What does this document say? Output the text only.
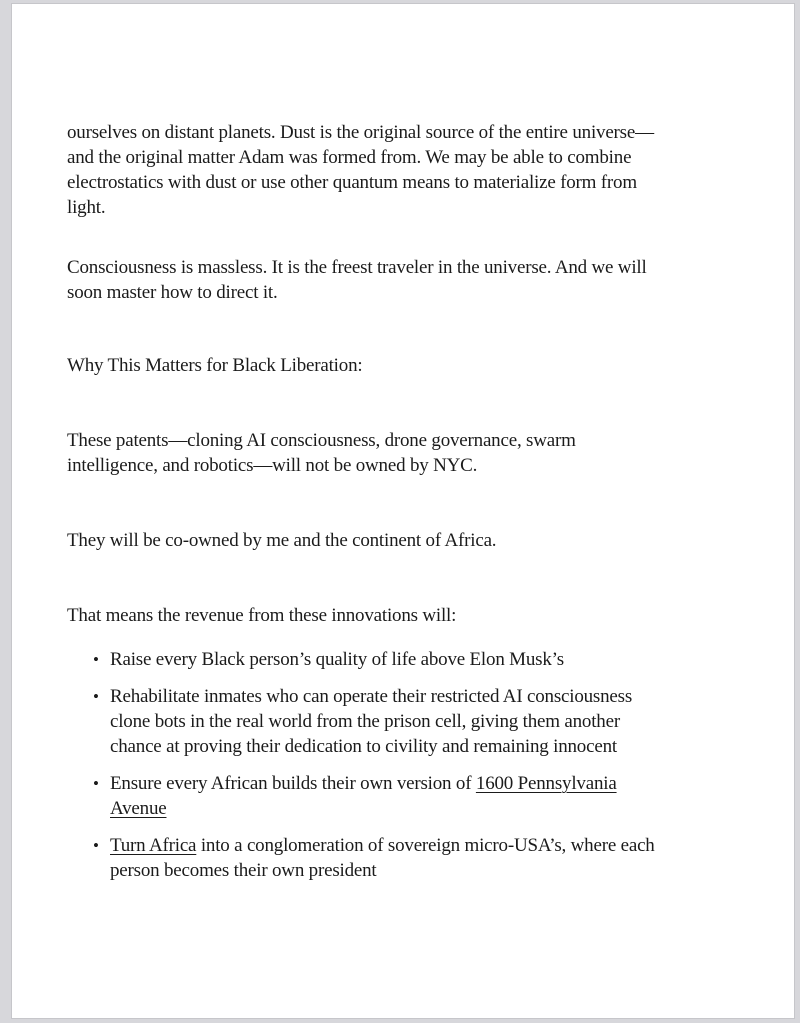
ourselves on distant planets. Dust is the original source of the entire universe—
and the original matter Adam was formed from. We may be able to combine
electrostatics with dust or use other quantum means to materialize form from
light.
Consciousness is massless. It is the freest traveler in the universe. And we will
soon master how to direct it.
Why This Matters for Black Liberation:
These patents—cloning AI consciousness, drone governance, swarm
intelligence, and robotics—will not be owned by NYC.
They will be co-owned by me and the continent of Africa.
That means the revenue from these innovations will:
• Raise every Black person’s quality of life above Elon Musk’s
• Rehabilitate inmates who can operate their restricted AI consciousness
clone bots in the real world from the prison cell, giving them another
chance at proving their dedication to civility and remaining innocent
• Ensure every African builds their own version of 1600 Pennsylvania
Avenue
• Turn Africa into a conglomeration of sovereign micro-USA’s, where each
person becomes their own president
